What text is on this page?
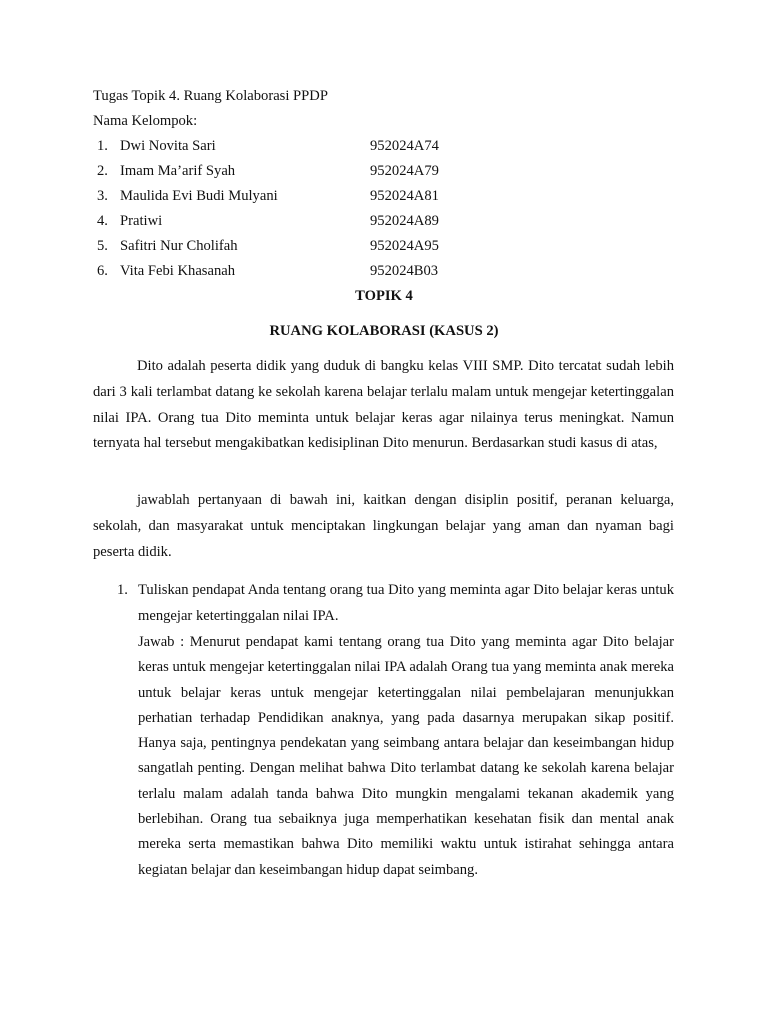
Tugas Topik 4. Ruang Kolaborasi PPDP
Nama Kelompok:
1. Dwi Novita Sari	952024A74
2. Imam Ma’arif Syah	952024A79
3. Maulida Evi Budi Mulyani	952024A81
4. Pratiwi	952024A89
5. Safitri Nur Cholifah	952024A95
6. Vita Febi Khasanah	952024B03
TOPIK 4
RUANG KOLABORASI (KASUS 2)
Dito adalah peserta didik yang duduk di bangku kelas VIII SMP. Dito tercatat sudah lebih dari 3 kali terlambat datang ke sekolah karena belajar terlalu malam untuk mengejar ketertinggalan nilai IPA. Orang tua Dito meminta untuk belajar keras agar nilainya terus meningkat. Namun ternyata hal tersebut mengakibatkan kedisiplinan Dito menurun. Berdasarkan studi kasus di atas,
jawablah pertanyaan di bawah ini, kaitkan dengan disiplin positif, peranan keluarga, sekolah, dan masyarakat untuk menciptakan lingkungan belajar yang aman dan nyaman bagi peserta didik.
1. Tuliskan pendapat Anda tentang orang tua Dito yang meminta agar Dito belajar keras untuk mengejar ketertinggalan nilai IPA.
Jawab : Menurut pendapat kami tentang orang tua Dito yang meminta agar Dito belajar keras untuk mengejar ketertinggalan nilai IPA adalah Orang tua yang meminta anak mereka untuk belajar keras untuk mengejar ketertinggalan nilai pembelajaran menunjukkan perhatian terhadap Pendidikan anaknya, yang pada dasarnya merupakan sikap positif. Hanya saja, pentingnya pendekatan yang seimbang antara belajar dan keseimbangan hidup sangatlah penting. Dengan melihat bahwa Dito terlambat datang ke sekolah karena belajar terlalu malam adalah tanda bahwa Dito mungkin mengalami tekanan akademik yang berlebihan. Orang tua sebaiknya juga memperhatikan kesehatan fisik dan mental anak mereka serta memastikan bahwa Dito memiliki waktu untuk istirahat sehingga antara kegiatan belajar dan keseimbangan hidup dapat seimbang.
